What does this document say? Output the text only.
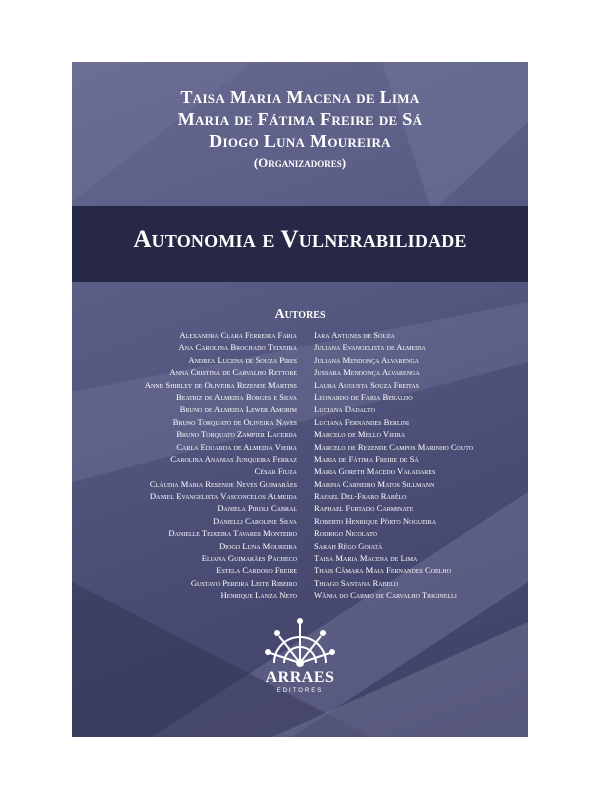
Taisa Maria Macena de Lima
Maria de Fátima Freire de Sá
Diogo Luna Moureira
(Organizadores)
Autonomia e Vulnerabilidade
Autores
Alexandra Clara Ferreira Faria
Ana Carolina Brochado Teixeira
Andrea Lucena de Souza Pires
Anna Cristina de Carvalho Rettore
Anne Shirley de Oliveira Rezende Martins
Beatriz de Almeida Borges e Silva
Bruno de Almeida Lewer Amorim
Bruno Torquato de Oliveira Naves
Bruno Torquato Zampier Lacerda
Carla Eduarda de Almeida Vieira
Carolina Ananias Junqueira Ferraz
César Fiuza
Cláudia Maria Resende Neves Guimarães
Daniel Evangelista Vasconcelos Almeida
Daniela Piroli Cabral
Danielli Caroline Silva
Danielle Teixeira Tavares Monteiro
Diogo Luna Moureira
Eliana Guimarães Pacheco
Estela Cardoso Freire
Gustavo Pereira Leite Ribeiro
Henrique Lanza Neto
Iara Antunes de Souza
Juliana Evangelista de Almeida
Juliana Mendonça Alvarenga
Jussara Mendonça Alvarenga
Laura Augusta Souza Freitas
Leonardo de Faria Beraldo
Luciana Dadalto
Luciana Fernandes Berlini
Marcelo de Mello Vieira
Marcelo de Rezende Campos Marinho Couto
Maria de Fátima Freire de Sá
Maria Goreth Macedo Valadares
Marina Carneiro Matos Sillmann
Rafael Del-Fraro Rabêlo
Raphael Furtado Carminate
Roberto Henrique Pôrto Nogueira
Rodrigo Nicolato
Sarah Rêgo Goiatá
Taisa Maria Macena de Lima
Thais Câmara Maia Fernandes Coelho
Thiago Santana Rabelo
Wânia do Carmo de Carvalho Triginelli
ARRAES
EDITORES
